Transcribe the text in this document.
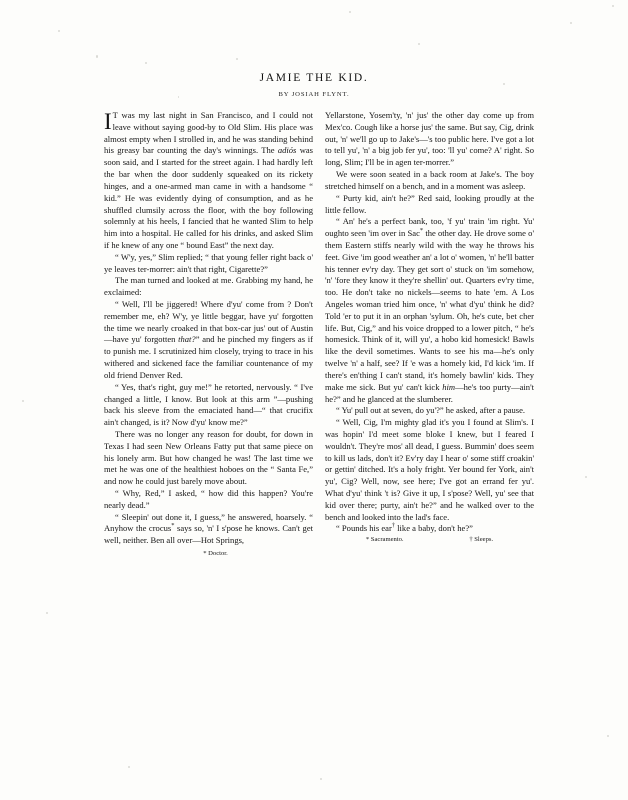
JAMIE THE KID.
BY JOSIAH FLYNT.

I T was my last night in San Francisco, and I could not leave without saying good-by to Old Slim. His place was almost empty when I strolled in, and he was standing behind his greasy bar counting the day's winnings. The adiós was soon said, and I started for the street again. I had hardly left the bar when the door suddenly squeaked on its rickety hinges, and a one-armed man came in with a handsome “ kid.” He was evidently dying of consumption, and as he shuffled clumsily across the floor, with the boy following solemnly at his heels, I fancied that he wanted Slim to help him into a hospital. He called for his drinks, and asked Slim if he knew of any one “ bound East” the next day.

“ W'y, yes,” Slim replied; “ that young feller right back o' ye leaves ter-morrer: ain't that right, Cigarette?”

The man turned and looked at me. Grabbing my hand, he exclaimed:

“ Well, I'll be jiggered! Where d'yu' come from ? Don't remember me, eh? W'y, ye little beggar, have yu' forgotten the time we nearly croaked in that box-car jus' out of Austin—have yu' forgotten that?” and he pinched my fingers as if to punish me. I scrutinized him closely, trying to trace in his withered and sickened face the familiar countenance of my old friend Denver Red.

“ Yes, that's right, guy me!” he retorted, nervously. “ I've changed a little, I know. But look at this arm ”—pushing back his sleeve from the emaciated hand—“ that crucifix ain't changed, is it? Now d'yu' know me?”

There was no longer any reason for doubt, for down in Texas I had seen New Orleans Fatty put that same piece on his lonely arm. But how changed he was! The last time we met he was one of the healthiest hoboes on the “ Santa Fe,” and now he could just barely move about.

“ Why, Red,” I asked, “ how did this happen? You're nearly dead.”

“ Sleepin' out done it, I guess,” he answered, hoarsely. “ Anyhow the crocus* says so, 'n' I s'pose he knows. Can't get well, neither. Ben all over—Hot Springs,

* Doctor.

Yellarstone, Yosem'ty, 'n' jus' the other day come up from Mex'co. Cough like a horse jus' the same. But say, Cig, drink out, 'n' we'll go up to Jake's—'s too public here. I've got a lot to tell yu', 'n' a big job fer yu', too: 'll yu' come? A' right. So long, Slim; I'll be in agen ter-morrer.”

We were soon seated in a back room at Jake's. The boy stretched himself on a bench, and in a moment was asleep.

“ Purty kid, ain't he?” Red said, looking proudly at the little fellow.

“ An' he's a perfect bank, too, 'f yu' train 'im right. Yu' oughto seen 'im over in Sac* the other day. He drove some o' them Eastern stiffs nearly wild with the way he throws his feet. Give 'im good weather an' a lot o' women, 'n' he'll batter his tenner ev'ry day. They get sort o' stuck on 'im somehow, 'n' 'fore they know it they're shellin' out. Quarters ev'ry time, too. He don't take no nickels—seems to hate 'em. A Los Angeles woman tried him once, 'n' what d'yu' think he did? Told 'er to put it in an orphan 'sylum. Oh, he's cute, bet cher life. But, Cig,” and his voice dropped to a lower pitch, “ he's homesick. Think of it, will yu', a hobo kid homesick! Bawls like the devil sometimes. Wants to see his ma—he's only twelve 'n' a half, see? If 'e was a homely kid, I'd kick 'im. If there's en'thing I can't stand, it's homely bawlin' kids. They make me sick. But yu' can't kick him—he's too purty—ain't he?” and he glanced at the slumberer.

“ Yu' pull out at seven, do yu'?” he asked, after a pause.

“ Well, Cig, I'm mighty glad it's you I found at Slim's. I was hopin' I'd meet some bloke I knew, but I feared I wouldn't. They're mos' all dead, I guess. Bummin' does seem to kill us lads, don't it? Ev'ry day I hear o' some stiff croakin' or gettin' ditched. It's a holy fright. Yer bound fer York, ain't yu', Cig? Well, now, see here; I've got an errand fer yu'. What d'yu' think 't is? Give it up, I s'pose? Well, yu' see that kid over there; purty, ain't he?” and he walked over to the bench and looked into the lad's face.

“ Pounds his ear† like a baby, don't he?”

* Sacramento.	† Sleeps.
